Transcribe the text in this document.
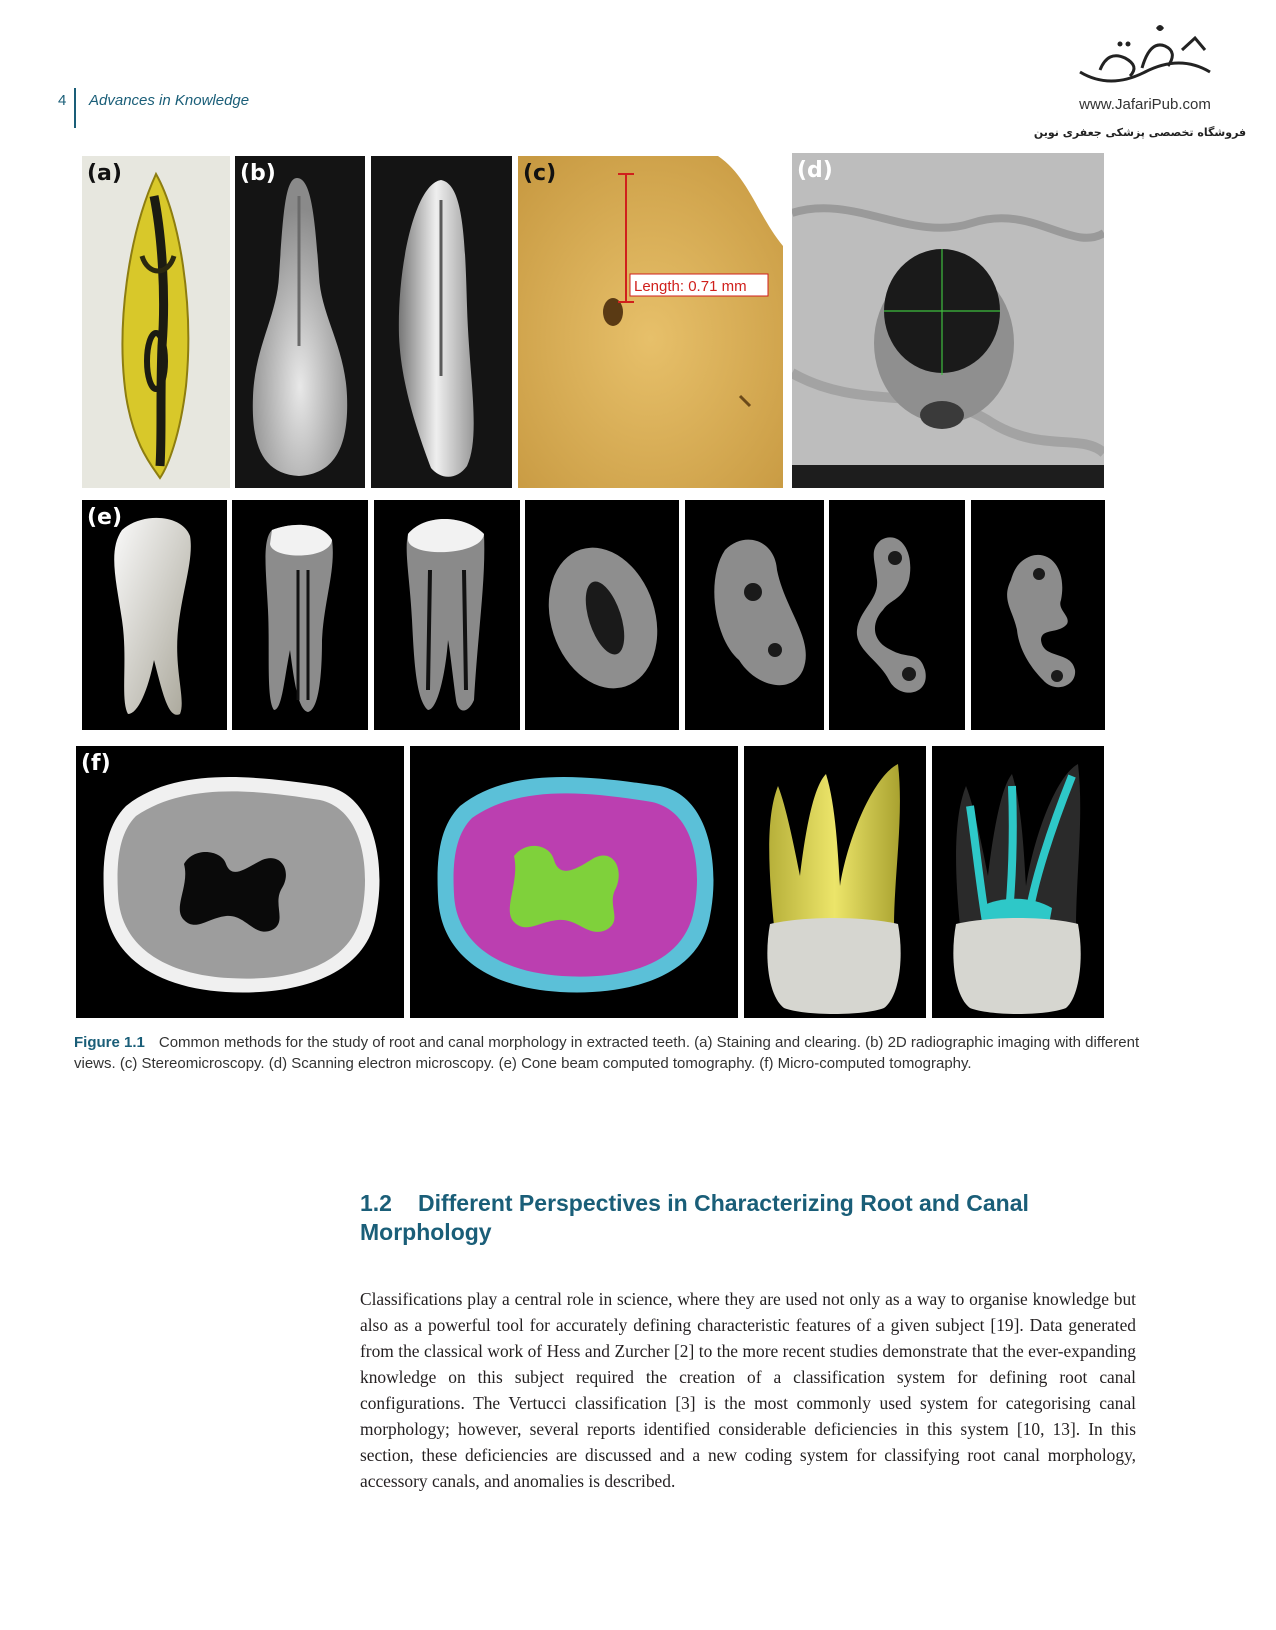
4 Advances in Knowledge	www.JafariPub.com
فروشگاه تخصصی پزشکی جعفری نوین
(a)	(b)
Length: 0.71 mm
(c)	(d)
(e)
(f)
Figure 1.1 Common methods for the study of root and canal morphology in extracted teeth. (a) Staining and clearing. (b) 2D radiographic imaging with different views. (c) Stereomicroscopy. (d) Scanning electron microscopy. (e) Cone beam computed tomography. (f) Micro-computed tomography.
1.2 Different Perspectives in Characterizing Root and Canal Morphology
Classifications play a central role in science, where they are used not only as a way to organise knowledge but also as a powerful tool for accurately defining characteristic features of a given subject [19]. Data generated from the classical work of Hess and Zurcher [2] to the more recent studies demonstrate that the ever-expanding knowledge on this subject required the creation of a classification system for defining root canal configurations. The Vertucci classification [3] is the most commonly used system for categorising canal morphology; however, several reports identified considerable deficiencies in this system [10, 13]. In this section, these deficiencies are discussed and a new coding system for classifying root canal morphology, accessory canals, and anomalies is described.
